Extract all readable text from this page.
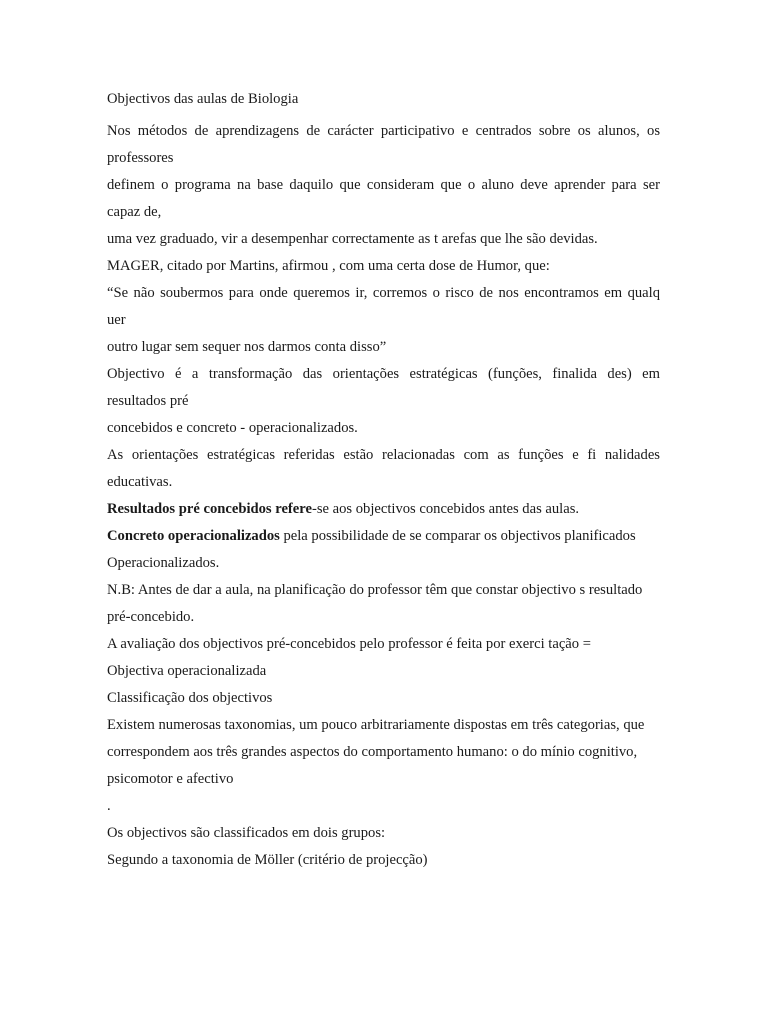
Objectivos das aulas de Biologia
Nos métodos de aprendizagens de carácter participativo e centrados sobre os alunos, os
professores
definem o programa na base daquilo que consideram que o aluno deve aprender para ser
capaz de,
uma vez graduado, vir a desempenhar correctamente as t arefas que lhe são devidas.
MAGER, citado por Martins, afirmou , com uma certa dose de Humor, que:
“Se não soubermos para onde queremos ir, corremos o risco de nos encontramos em qualq
uer
outro lugar sem sequer nos darmos conta disso”
Objectivo é a transformação das orientações estratégicas (funções, finalida des) em
resultados pré
concebidos e concreto - operacionalizados.
As orientações estratégicas referidas estão relacionadas com as funções e fi nalidades
educativas.
Resultados pré concebidos refere-se aos objectivos concebidos antes das aulas.
Concreto operacionalizados pela possibilidade de se comparar os objectivos planificados
Operacionalizados.
N.B: Antes de dar a aula, na planificação do professor têm que constar objectivo s resultado
pré-concebido.
A avaliação dos objectivos pré-concebidos pelo professor é feita por exerci tação =
Objectiva operacionalizada
Classificação dos objectivos
Existem numerosas taxonomias, um pouco arbitrariamente dispostas em três categorias, que
correspondem aos três grandes aspectos do comportamento humano: o do mínio cognitivo,
psicomotor e afectivo
.
Os objectivos são classificados em dois grupos:
Segundo a taxonomia de Möller (critério de projecção)
